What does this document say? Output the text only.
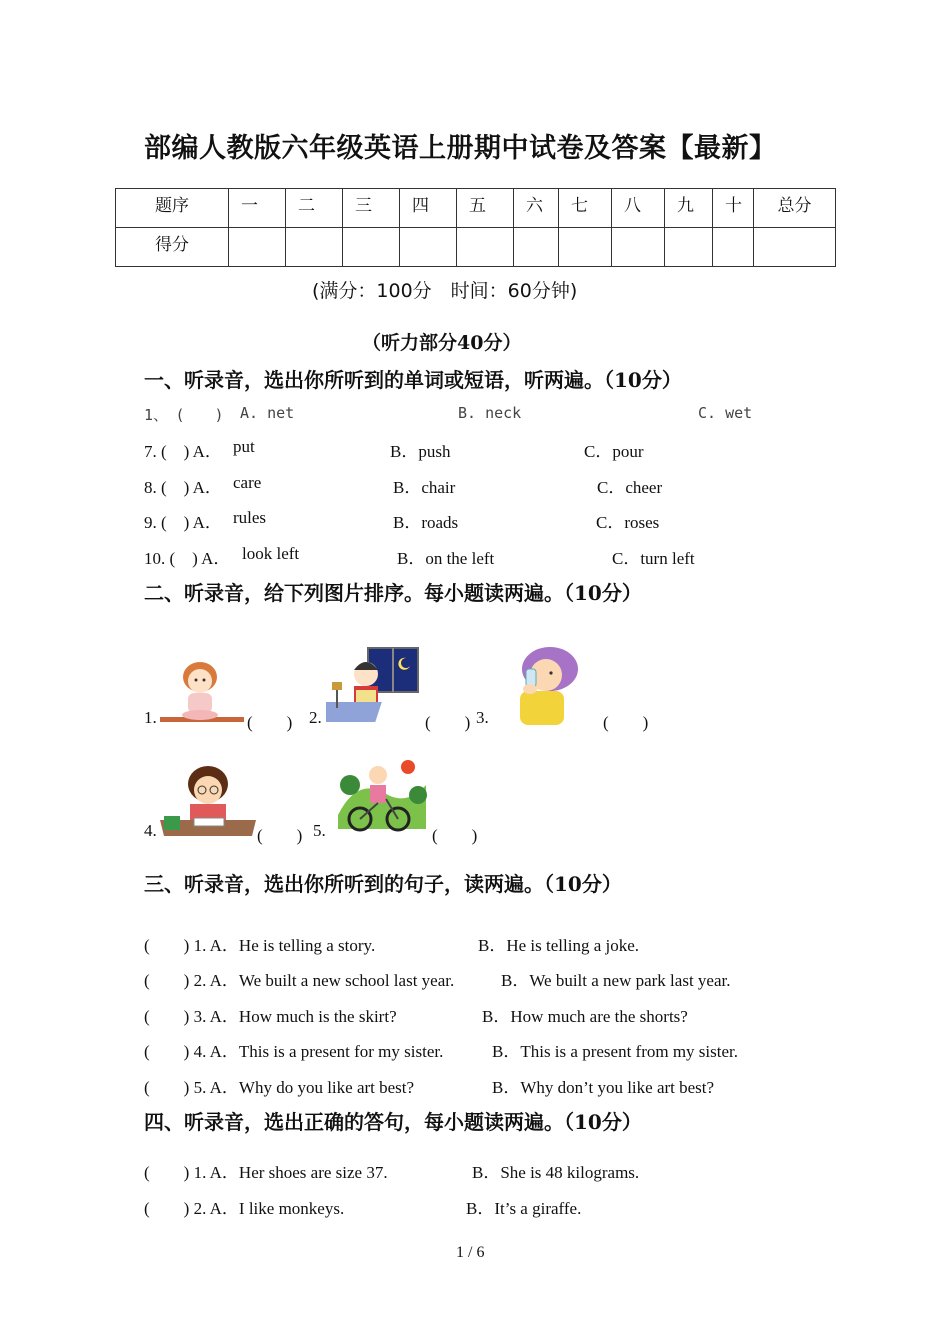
部编人教版六年级英语上册期中试卷及答案【最新】
题序	一	二	三	四	五	六	七	八	九	十	总分
得分											
(满分：100分　时间：60分钟)
（听力部分40分）
一、听录音，选出你所听到的单词或短语，听两遍。（10分）
1、　(　　) A. net	B. neck	C. wet
7. (　) A． put	B．push	C．pour
8. (　) A． care	B．chair	C．cheer
9. (　) A． rules	B．roads	C．roses
10. (　) A． look left	B．on the left	C．turn left
二、听录音，给下列图片排序。每小题读两遍。（10分）
1.	(　　) 2.	(　　) 3.	(　　)
4.	(　　) 5.	(　　)
三、听录音，选出你所听到的句子，读两遍。（10分）
(　　) 1. A．He is telling a story.	B．He is telling a joke.
(　　) 2. A．We built a new school last year.	B．We built a new park last year.
(　　) 3. A．How much is the skirt?	B．How much are the shorts?
(　　) 4. A．This is a present for my sister.	B．This is a present from my sister.
(　　) 5. A．Why do you like art best?	B．Why don’t you like art best?
四、听录音，选出正确的答句，每小题读两遍。（10分）
(　　) 1. A．Her shoes are size 37.	B．She is 48 kilograms.
(　　) 2. A．I like monkeys.	B．It’s a giraffe.
1 / 6
